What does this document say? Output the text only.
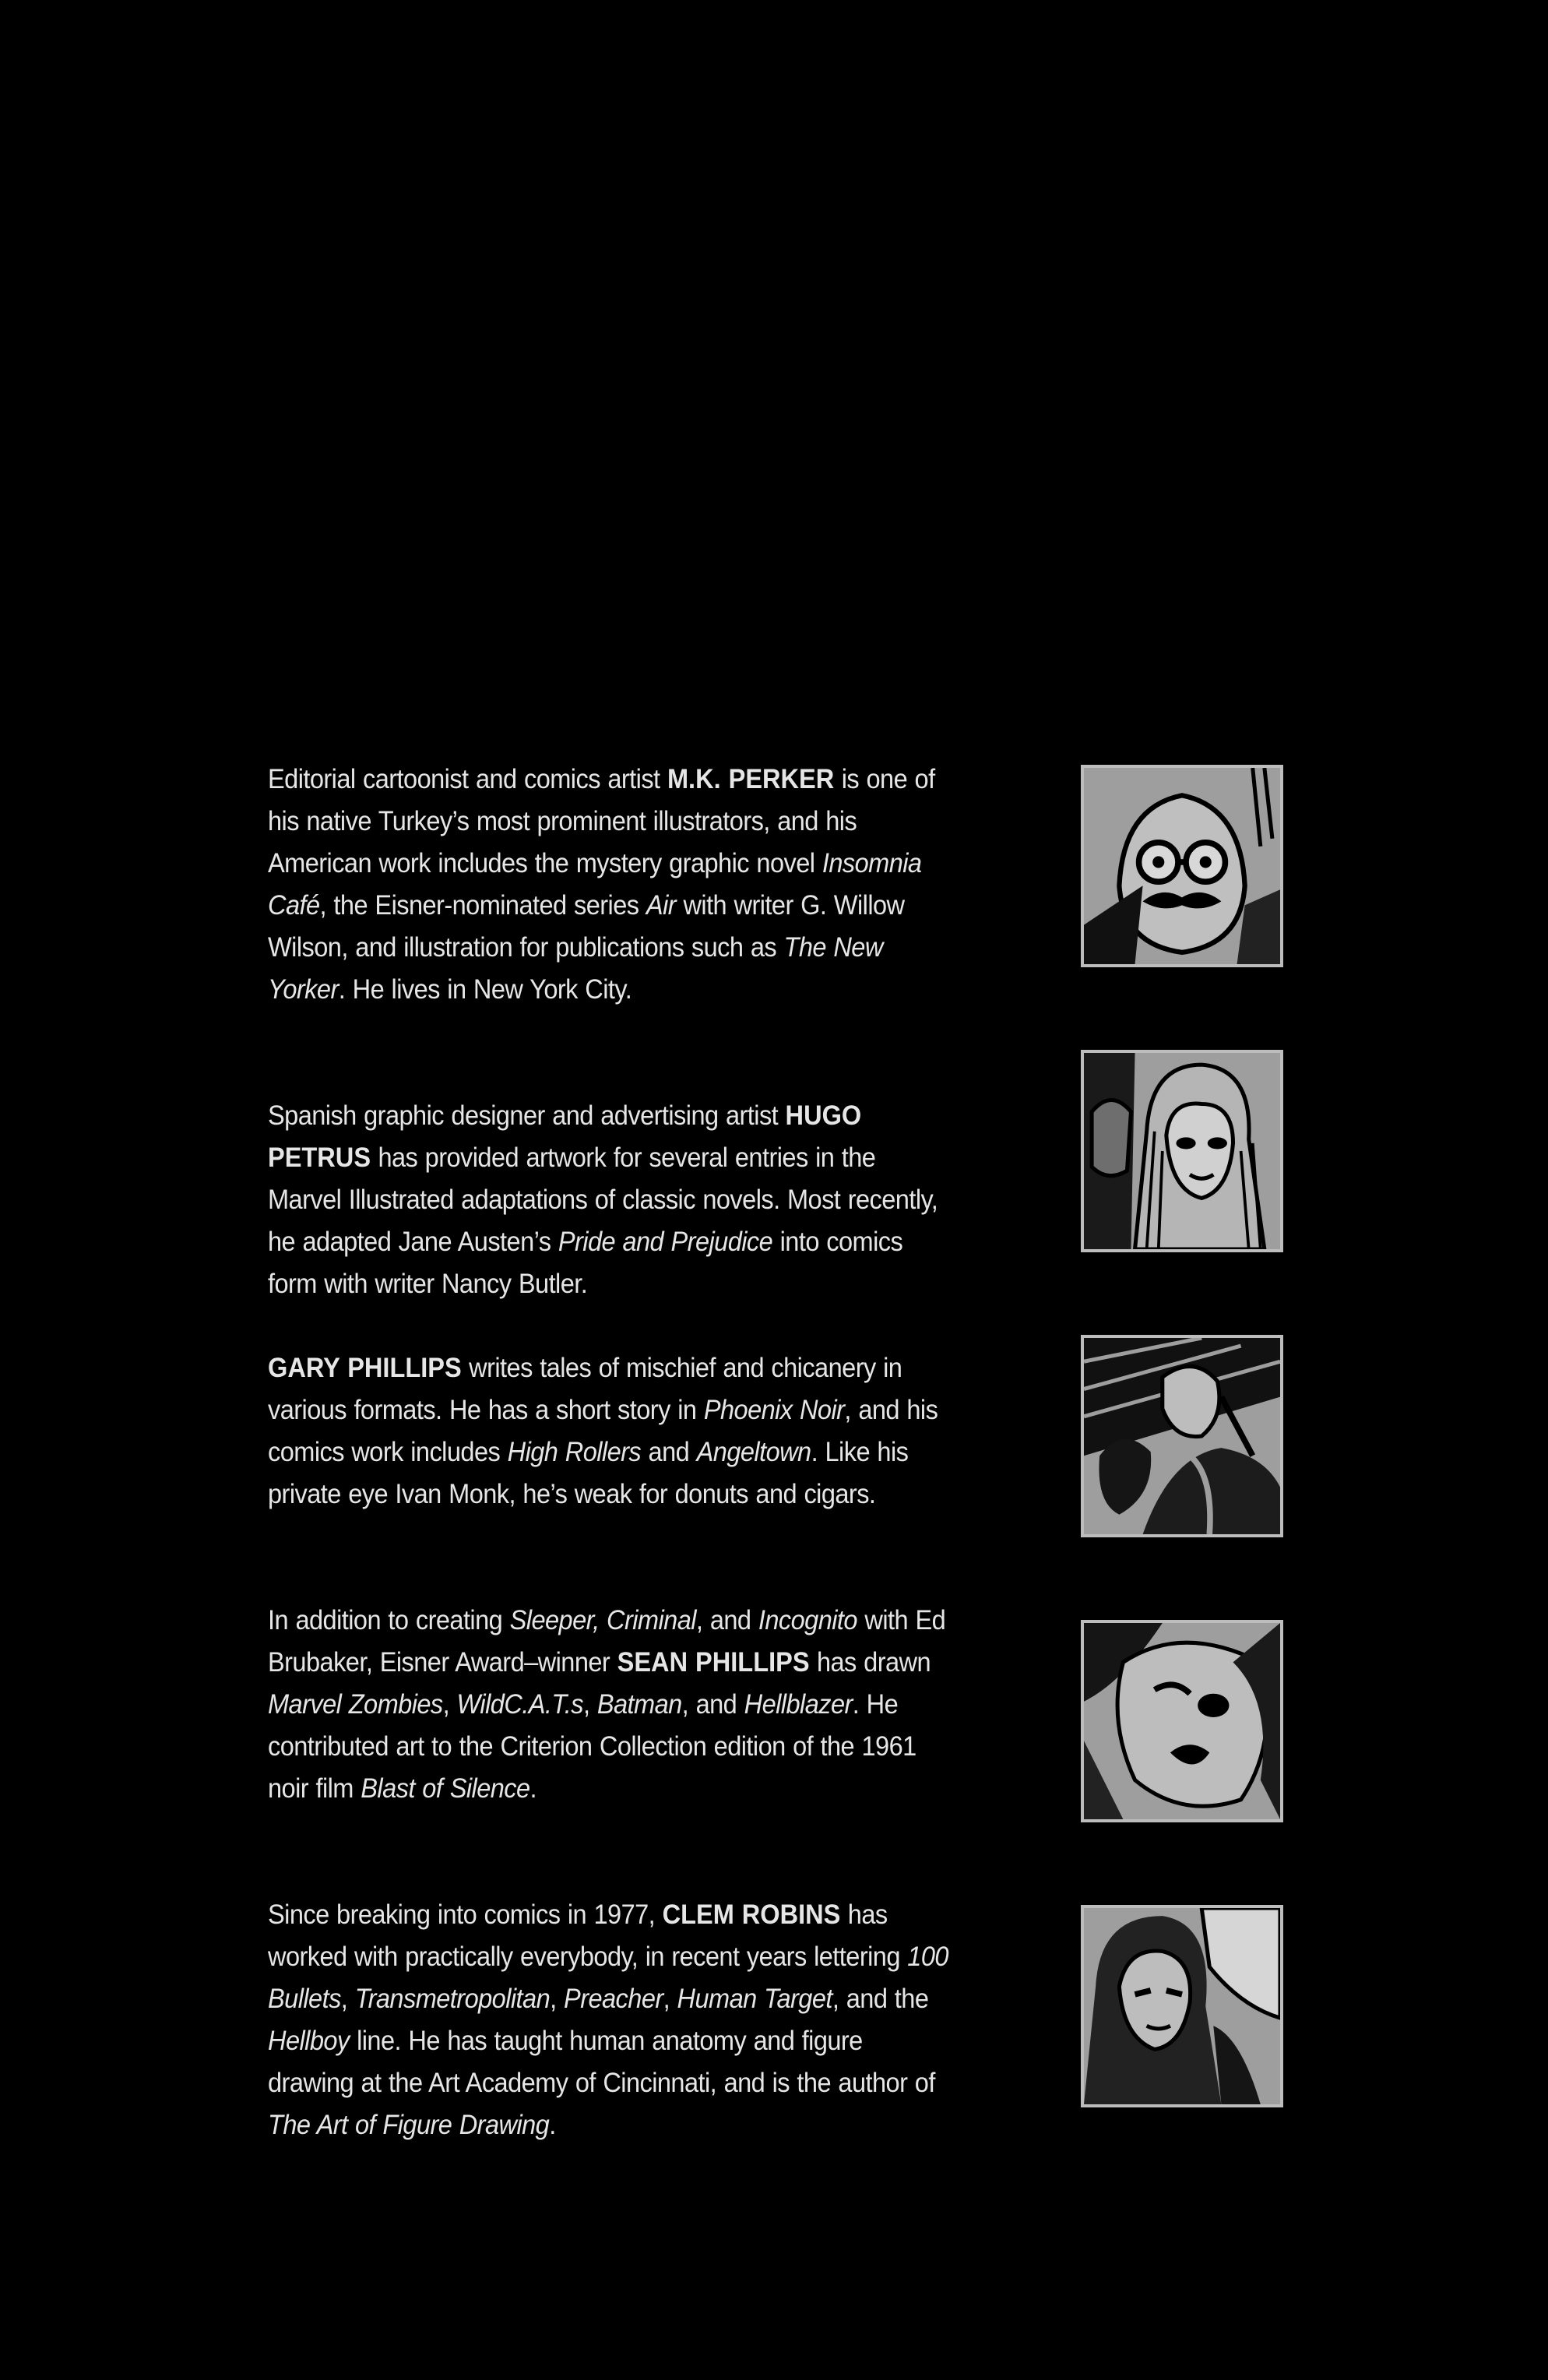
Editorial cartoonist and comics artist M.K. PERKER is one of his native Turkey’s most prominent illustrators, and his American work includes the mystery graphic novel Insomnia Café, the Eisner-nominated series Air with writer G. Willow Wilson, and illustration for publications such as The New Yorker. He lives in New York City.

Spanish graphic designer and advertising artist HUGO PETRUS has provided artwork for several entries in the Marvel Illustrated adaptations of classic novels. Most recently, he adapted Jane Austen’s Pride and Prejudice into comics form with writer Nancy Butler.

GARY PHILLIPS writes tales of mischief and chicanery in various formats. He has a short story in Phoenix Noir, and his comics work includes High Rollers and Angeltown. Like his private eye Ivan Monk, he’s weak for donuts and cigars.

In addition to creating Sleeper, Criminal, and Incognito with Ed Brubaker, Eisner Award–winner SEAN PHILLIPS has drawn Marvel Zombies, WildC.A.T.s, Batman, and Hellblazer. He contributed art to the Criterion Collection edition of the 1961 noir film Blast of Silence.

Since breaking into comics in 1977, CLEM ROBINS has worked with practically everybody, in recent years lettering 100 Bullets, Transmetropolitan, Preacher, Human Target, and the Hellboy line. He has taught human anatomy and figure drawing at the Art Academy of Cincinnati, and is the author of The Art of Figure Drawing.
